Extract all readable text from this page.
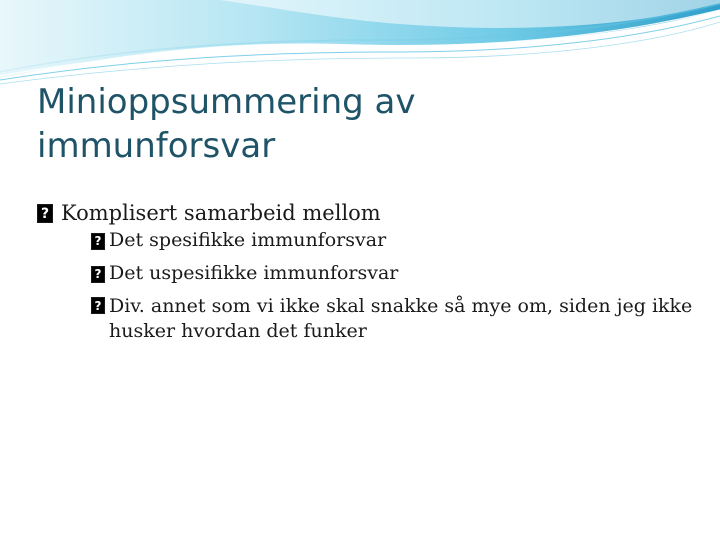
Minioppsummering av
immunforsvar
? Komplisert samarbeid mellom
? Det spesifikke immunforsvar
? Det uspesifikke immunforsvar
? Div. annet som vi ikke skal snakke så mye om, siden jeg ikke husker hvordan det funker
